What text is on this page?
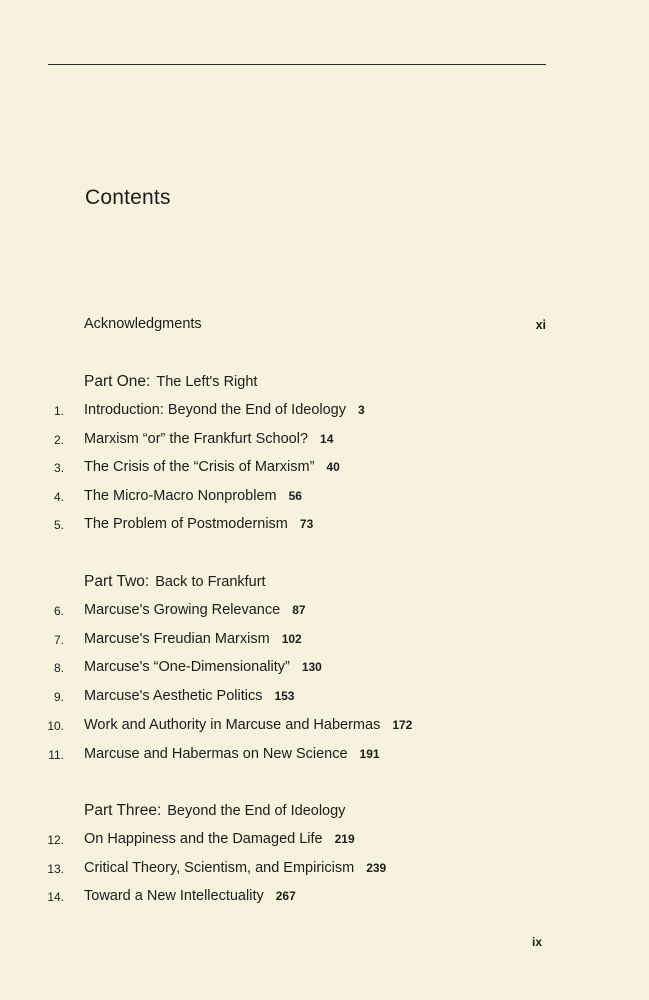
Contents
Acknowledgments	xi
Part One: The Left's Right
1. Introduction: Beyond the End of Ideology 3
2. Marxism “or” the Frankfurt School? 14
3. The Crisis of the “Crisis of Marxism” 40
4. The Micro-Macro Nonproblem 56
5. The Problem of Postmodernism 73
Part Two: Back to Frankfurt
6. Marcuse's Growing Relevance 87
7. Marcuse's Freudian Marxism 102
8. Marcuse's “One-Dimensionality” 130
9. Marcuse's Aesthetic Politics 153
10. Work and Authority in Marcuse and Habermas 172
11. Marcuse and Habermas on New Science 191
Part Three: Beyond the End of Ideology
12. On Happiness and the Damaged Life 219
13. Critical Theory, Scientism, and Empiricism 239
14. Toward a New Intellectuality 267
ix
